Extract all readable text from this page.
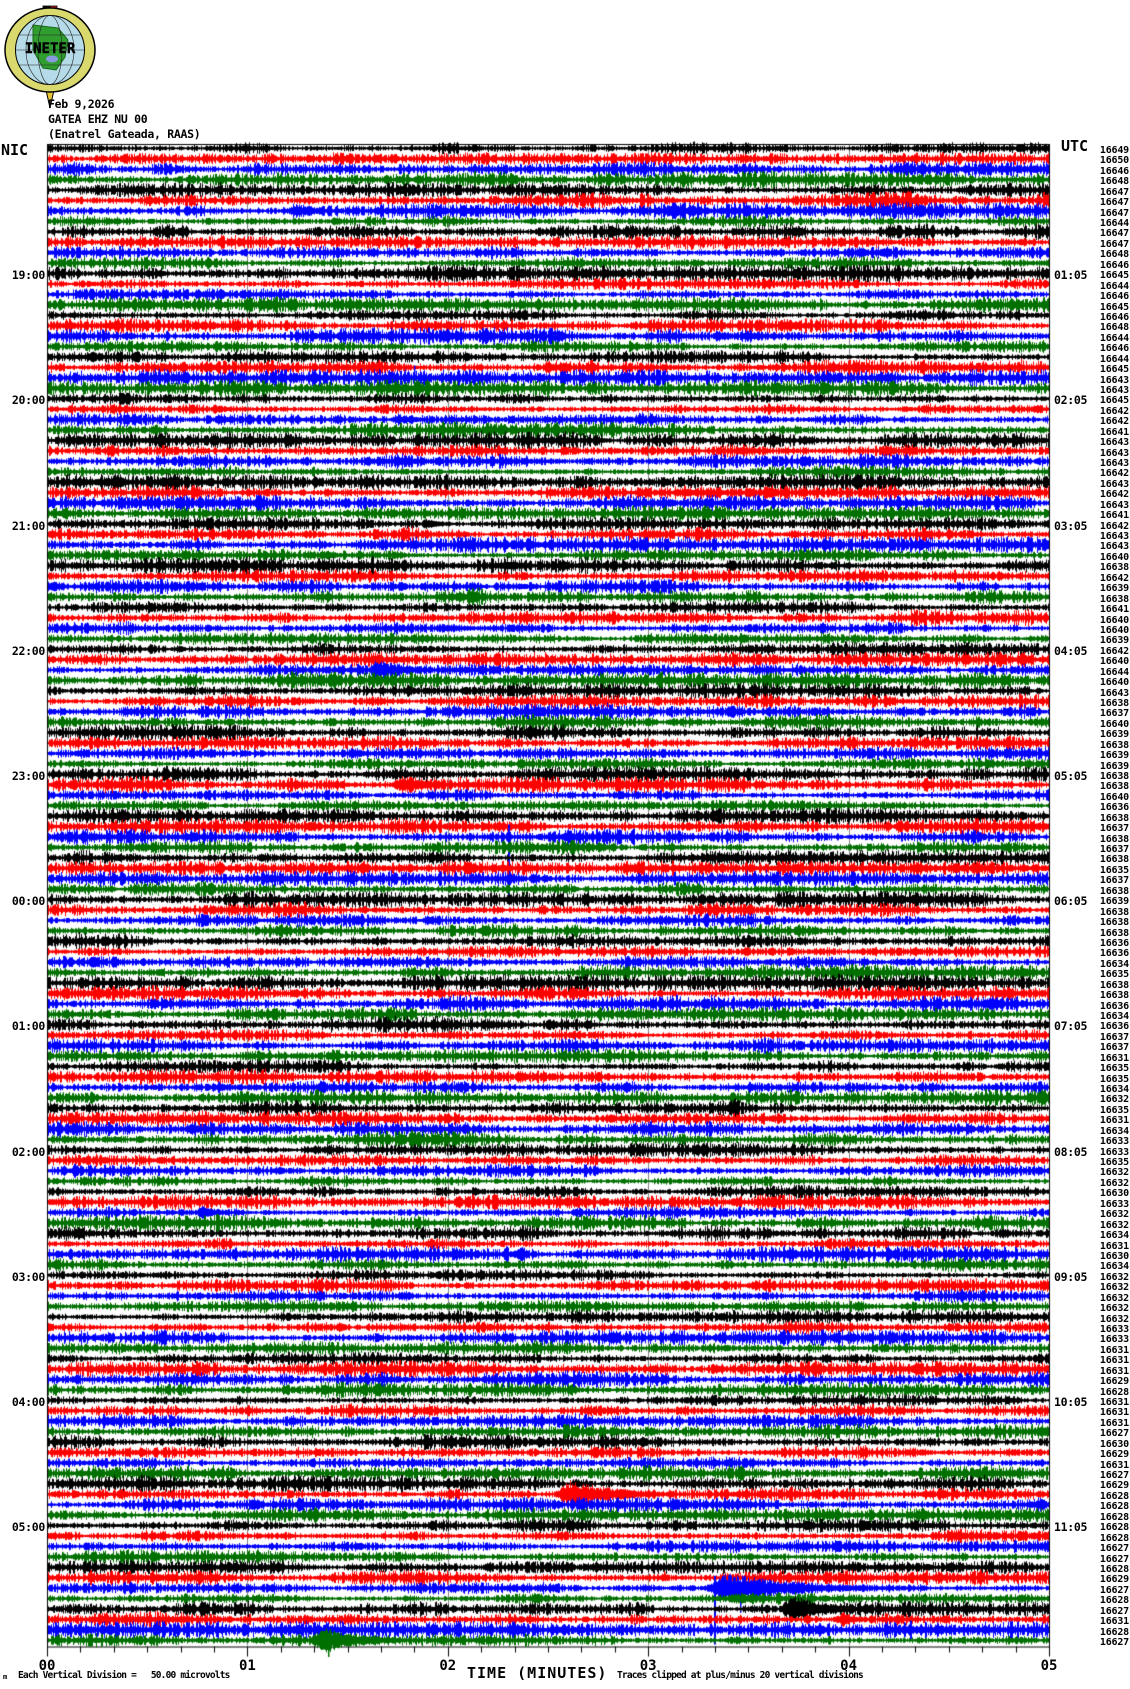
19:00
20:00
21:00
22:00
23:00
00:00
01:00
02:00
03:00
04:00
05:00
01:05
02:05
03:05
04:05
05:05
06:05
07:05
08:05
09:05
10:05
11:05
16649
16650
16646
16648
16647
16647
16647
16644
16647
16647
16648
16646
16645
16644
16646
16645
16646
16648
16644
16646
16644
16645
16643
16643
16645
16642
16642
16641
16643
16643
16643
16642
16643
16642
16643
16641
16642
16643
16643
16640
16638
16642
16639
16638
16641
16640
16640
16639
16642
16640
16644
16640
16643
16638
16637
16640
16639
16638
16639
16639
16638
16638
16640
16636
16638
16637
16638
16637
16638
16635
16637
16638
16639
16638
16638
16638
16636
16636
16634
16635
16638
16638
16636
16634
16636
16637
16637
16631
16635
16635
16634
16632
16635
16631
16634
16633
16633
16635
16632
16632
16630
16633
16632
16632
16634
16631
16630
16634
16632
16632
16632
16632
16632
16633
16633
16631
16631
16631
16629
16628
16631
16631
16631
16627
16630
16629
16631
16627
16629
16628
16628
16628
16628
16628
16627
16627
16628
16629
16627
16628
16627
16631
16628
16627
00	01	02	03	04	05
m Each Vertical Division =   50.00 microvolts	TIME (MINUTES) Traces clipped at plus/minus 20 vertical divisions
